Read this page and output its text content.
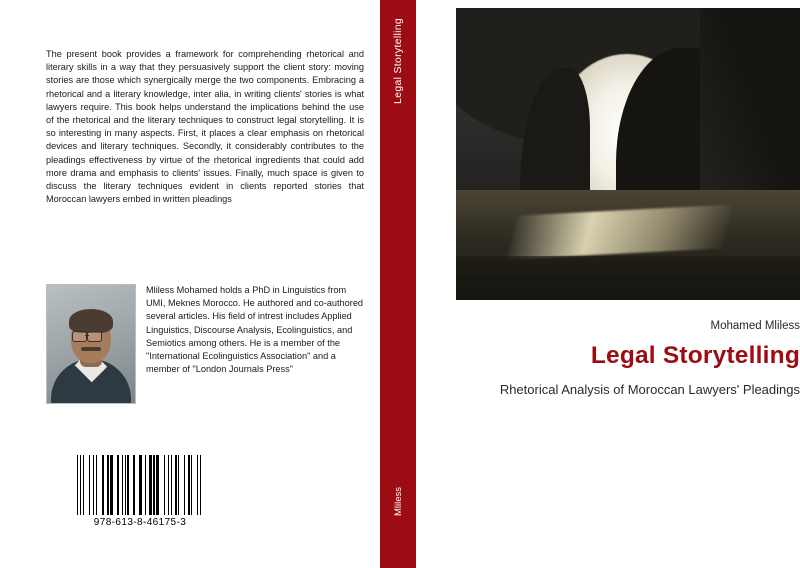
The present book provides a framework for comprehending rhetorical and literary skills in a way that they persuasively support the client story: moving stories are those which synergically merge the two components. Embracing a rhetorical and a literary knowledge, inter alia, in writing clients' stories is what lawyers require. This book helps understand the implications behind the use of the rhetorical and the literary techniques to construct legal storytelling. It is so interesting in many aspects. First, it places a clear emphasis on rhetorical devices and literary techniques. Secondly, it considerably contributes to the pleadings effectiveness by virtue of the rhetorical ingredients that could add more drama and emphasis to clients' issues. Finally, much space is given to discuss the literary techniques evident in clients reported stories that Moroccan lawyers embed in written pleadings
Mliless Mohamed holds a PhD in Linguistics from UMI, Meknes Morocco. He authored and co-authored several articles. His field of intrest includes Applied Linguistics, Discourse Analysis, Ecolinguistics, and Semiotics among others. He is a member of the "International Ecolinguistics Association" and a member of "London Journals Press"
978-613-8-46175-3
Legal Storytelling
Mliless
Mohamed Mliless
Legal Storytelling
Rhetorical Analysis of Moroccan Lawyers' Pleadings
